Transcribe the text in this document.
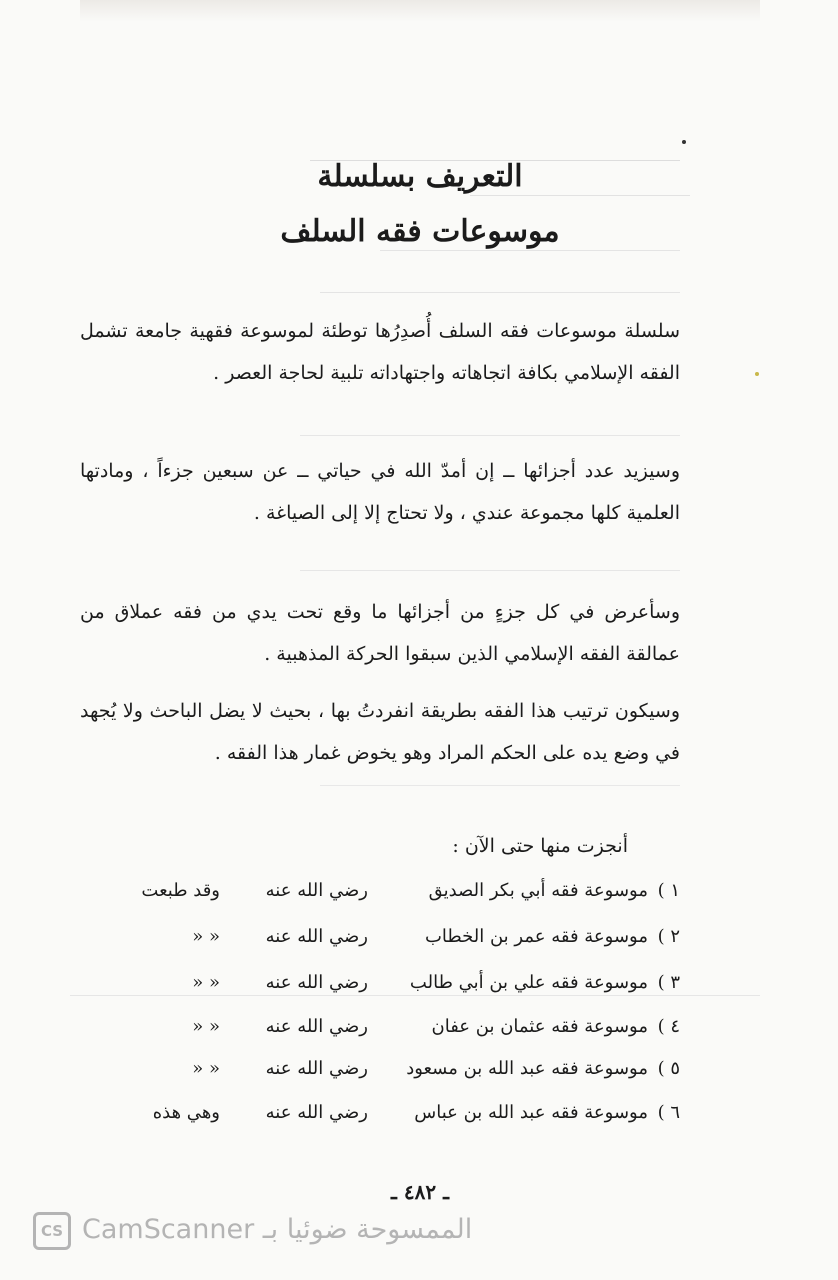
التعريف بسلسلة
موسوعات فقه السلف
سلسلة موسوعات فقه السلف أُصدِرُها توطئة لموسوعة فقهية جامعة تشمل الفقه الإسلامي بكافة اتجاهاته واجتهاداته تلبية لحاجة العصر .
وسيزيد عدد أجزائها ــ إن أمدّ الله في حياتي ــ عن سبعين جزءاً ، ومادتها العلمية كلها مجموعة عندي ، ولا تحتاج إلا إلى الصياغة .
وسأعرض في كل جزءٍ من أجزائها ما وقع تحت يدي من فقه عملاق من عمالقة الفقه الإسلامي الذين سبقوا الحركة المذهبية .
وسيكون ترتيب هذا الفقه بطريقة انفردتُ بها ، بحيث لا يضل الباحث ولا يُجهد في وضع يده على الحكم المراد وهو يخوض غمار هذا الفقه .
أنجزت منها حتى الآن :
١ )
موسوعة فقه أبي بكر الصديق
رضي الله عنه
وقد طبعت
٢ )
موسوعة فقه عمر بن الخطاب
رضي الله عنه
« «
٣ )
موسوعة فقه علي بن أبي طالب
رضي الله عنه
« «
٤ )
موسوعة فقه عثمان بن عفان
رضي الله عنه
« «
٥ )
موسوعة فقه عبد الله بن مسعود
رضي الله عنه
« «
٦ )
موسوعة فقه عبد الله بن عباس
رضي الله عنه
وهي هذه
ـ ٤٨٢ ـ
CS الممسوحة ضوئيا بـ CamScanner
